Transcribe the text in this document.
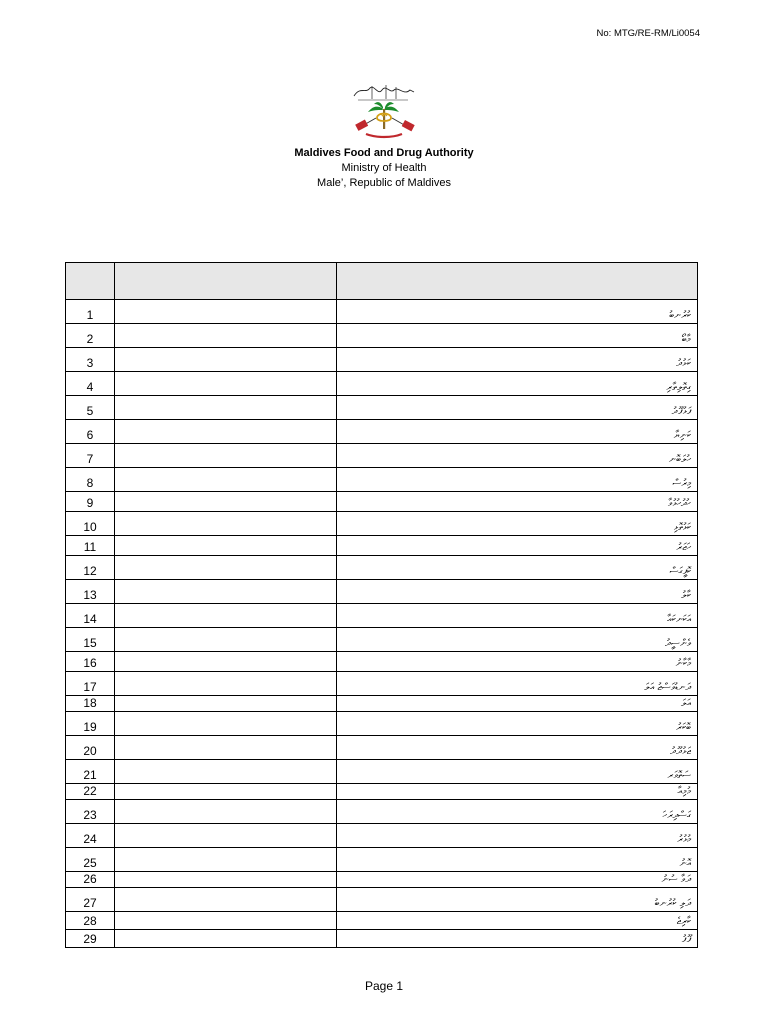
No: MTG/RE-RM/Li0054
Maldives Food and Drug Authority
Ministry of Health
Male’, Republic of Maldives

1		ކުރުނބު
2		މާބޯ
3		ކަޅުދު
4		ގިތޮލިތާރި
5		ފަޅުފޫދު
6		ކަނިޔާ
7		ހުލަބޮނ
8		މިރުސް
9		ހުދުހުޅުވާ
10		ކަޅުތޮޅި
11		ހަޖަރު
12		ކޮފީގަސް
13		ކާލު
14		އަކަނކައާ
15		ވެންސީދު
16		މާކާނު
17		ދަނޑުވަސްޖު އަލަ
18		އަލަ
19		ބޮކަރު
20		ޖަޅުދޫދު
21		ސަތޮވަރ
22		މުމިއާ
23		ގަސްދިރަހަ
24		މުޅުރު
25		އޮނު
26		ދަވާ ސުނު
27		ދަލި ކުރުނބު
28		ކާރިޖެ
29		ފޫފު
Page 1
